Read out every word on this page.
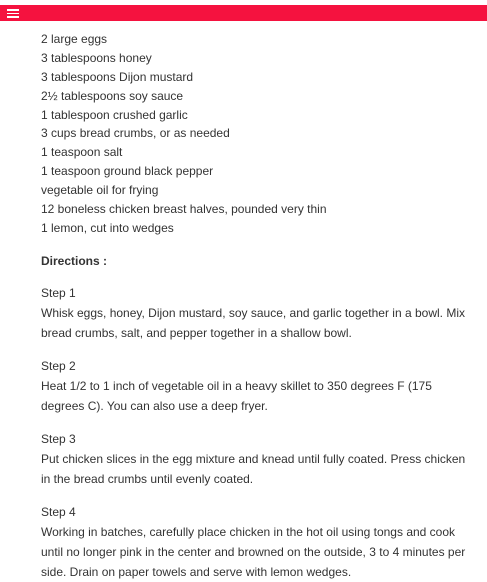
2 large eggs
3 tablespoons honey
3 tablespoons Dijon mustard
2½ tablespoons soy sauce
1 tablespoon crushed garlic
3 cups bread crumbs, or as needed
1 teaspoon salt
1 teaspoon ground black pepper
vegetable oil for frying
12 boneless chicken breast halves, pounded very thin
1 lemon, cut into wedges
Directions :
Step 1

Whisk eggs, honey, Dijon mustard, soy sauce, and garlic together in a bowl. Mix bread crumbs, salt, and pepper together in a shallow bowl.

Step 2

Heat 1/2 to 1 inch of vegetable oil in a heavy skillet to 350 degrees F (175 degrees C). You can also use a deep fryer.

Step 3

Put chicken slices in the egg mixture and knead until fully coated. Press chicken in the bread crumbs until evenly coated.

Step 4

Working in batches, carefully place chicken in the hot oil using tongs and cook until no longer pink in the center and browned on the outside, 3 to 4 minutes per side. Drain on paper towels and serve with lemon wedges.
